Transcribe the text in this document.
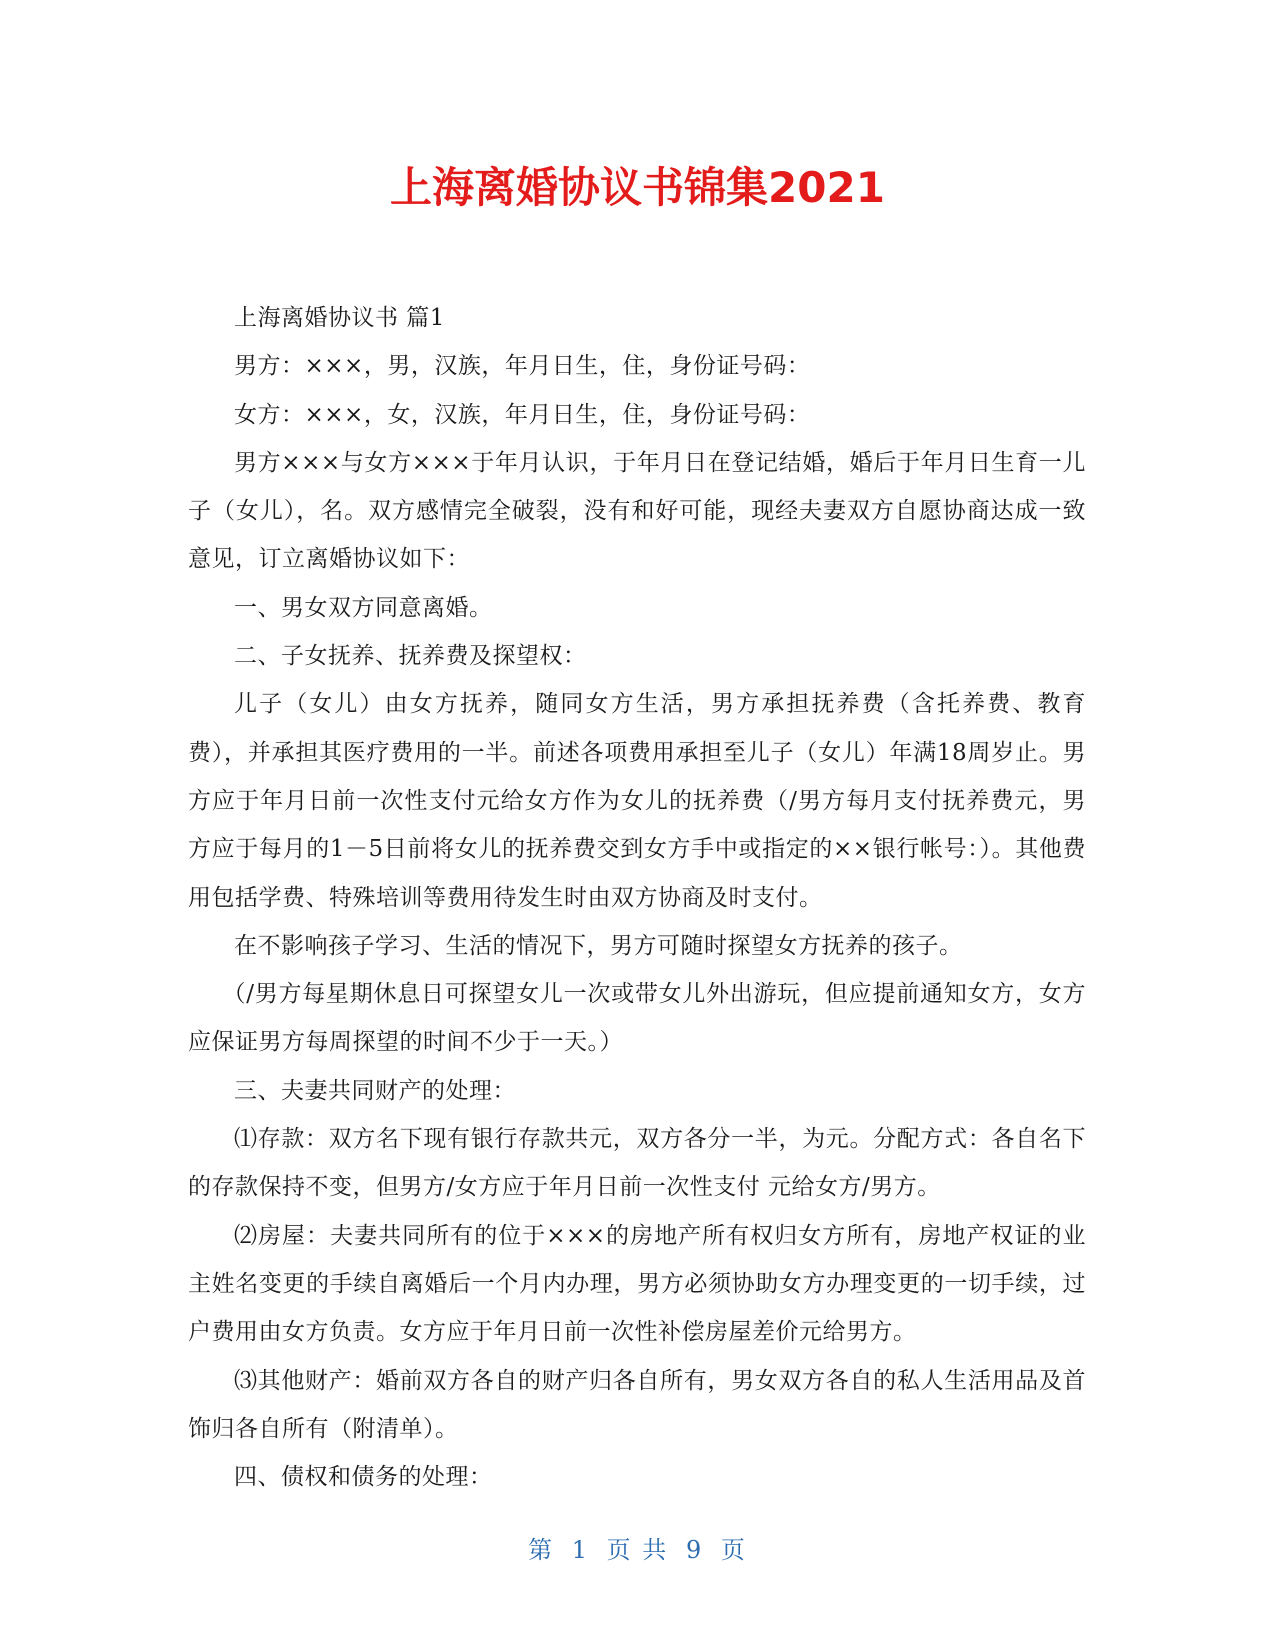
上海离婚协议书锦集2021

上海离婚协议书 篇1

男方：×××，男，汉族，年月日生，住，身份证号码：

女方：×××，女，汉族，年月日生，住，身份证号码：

男方×××与女方×××于年月认识，于年月日在登记结婚，婚后于年月日生育一儿子（女儿），名。双方感情完全破裂，没有和好可能，现经夫妻双方自愿协商达成一致意见，订立离婚协议如下：

一、男女双方同意离婚。

二、子女抚养、抚养费及探望权：

儿子（女儿）由女方抚养，随同女方生活，男方承担抚养费（含托养费、教育费），并承担其医疗费用的一半。前述各项费用承担至儿子（女儿）年满18周岁止。男方应于年月日前一次性支付元给女方作为女儿的抚养费（/男方每月支付抚养费元，男方应于每月的1－5日前将女儿的抚养费交到女方手中或指定的××银行帐号：）。其他费用包括学费、特殊培训等费用待发生时由双方协商及时支付。

在不影响孩子学习、生活的情况下，男方可随时探望女方抚养的孩子。

（/男方每星期休息日可探望女儿一次或带女儿外出游玩，但应提前通知女方，女方应保证男方每周探望的时间不少于一天。）

三、夫妻共同财产的处理：

⑴存款：双方名下现有银行存款共元，双方各分一半，为元。分配方式：各自名下的存款保持不变，但男方/女方应于年月日前一次性支付 元给女方/男方。

⑵房屋：夫妻共同所有的位于×××的房地产所有权归女方所有，房地产权证的业主姓名变更的手续自离婚后一个月内办理，男方必须协助女方办理变更的一切手续，过户费用由女方负责。女方应于年月日前一次性补偿房屋差价元给男方。

⑶其他财产：婚前双方各自的财产归各自所有，男女双方各自的私人生活用品及首饰归各自所有（附清单）。

四、债权和债务的处理：

第 1 页 共 9 页
